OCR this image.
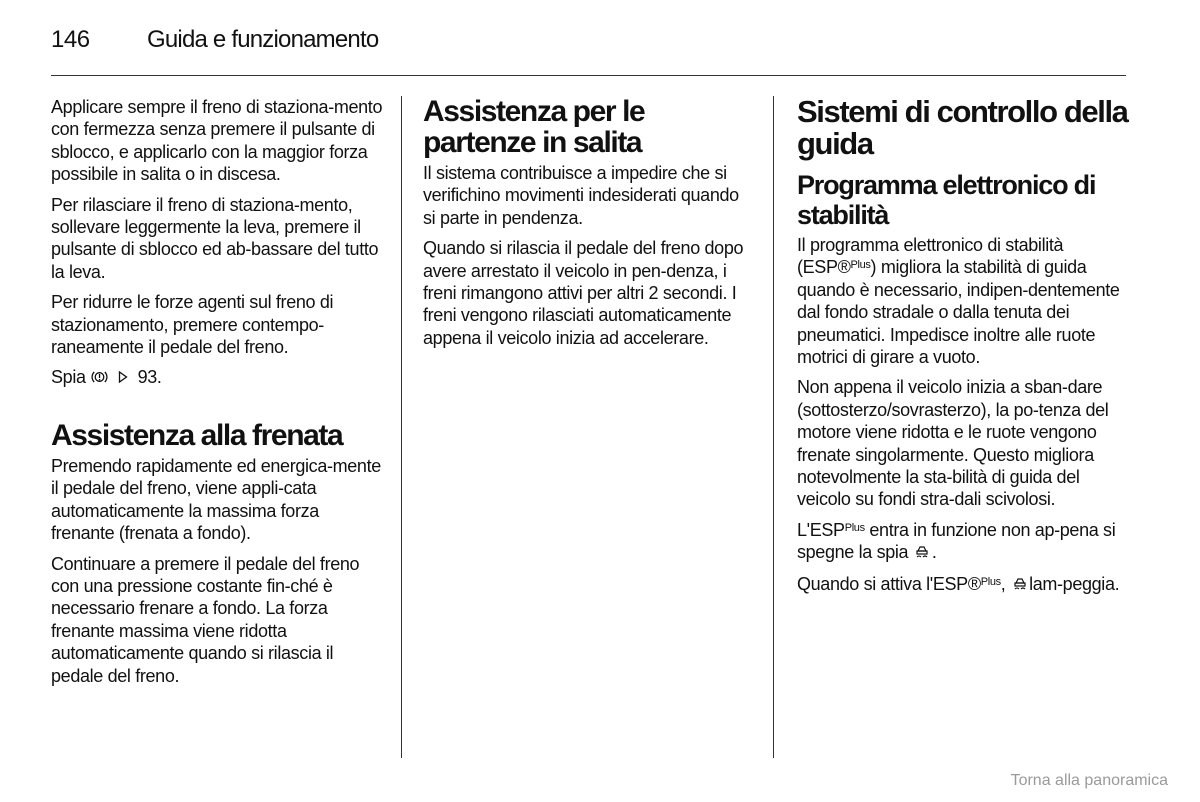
146	Guida e funzionamento

Applicare sempre il freno di staziona-mento con fermezza senza premere il pulsante di sblocco, e applicarlo con la maggior forza possibile in salita o in discesa.

Per rilasciare il freno di staziona-mento, sollevare leggermente la leva, premere il pulsante di sblocco ed ab-bassare del tutto la leva.

Per ridurre le forze agenti sul freno di stazionamento, premere contempo-raneamente il pedale del freno.

Spia	93.

Assistenza alla frenata

Premendo rapidamente ed energica-mente il pedale del freno, viene appli-cata automaticamente la massima forza frenante (frenata a fondo).

Continuare a premere il pedale del freno con una pressione costante fin-ché è necessario frenare a fondo. La forza frenante massima viene ridotta automaticamente quando si rilascia il pedale del freno.

Assistenza per le partenze in salita

Il sistema contribuisce a impedire che si verifichino movimenti indesiderati quando si parte in pendenza.

Quando si rilascia il pedale del freno dopo avere arrestato il veicolo in pen-denza, i freni rimangono attivi per altri 2 secondi. I freni vengono rilasciati automaticamente appena il veicolo inizia ad accelerare.

Sistemi di controllo della guida
Programma elettronico di stabilità

Il programma elettronico di stabilità (ESP®$^{Plus}$) migliora la stabilità di guida quando è necessario, indipen-dentemente dal fondo stradale o dalla tenuta dei pneumatici. Impedisce inoltre alle ruote motrici di girare a vuoto.

Non appena il veicolo inizia a sban-dare (sottosterzo/sovrasterzo), la po-tenza del motore viene ridotta e le ruote vengono frenate singolarmente. Questo migliora notevolmente la sta-bilità di guida del veicolo su fondi stra-dali scivolosi.

$L'ESP^{Plus}$ entra in funzione non ap-pena si spegne la spia .

Quando si attiva l'ESP®$^{Plus}$, lam-peggia.

Torna alla panoramica
